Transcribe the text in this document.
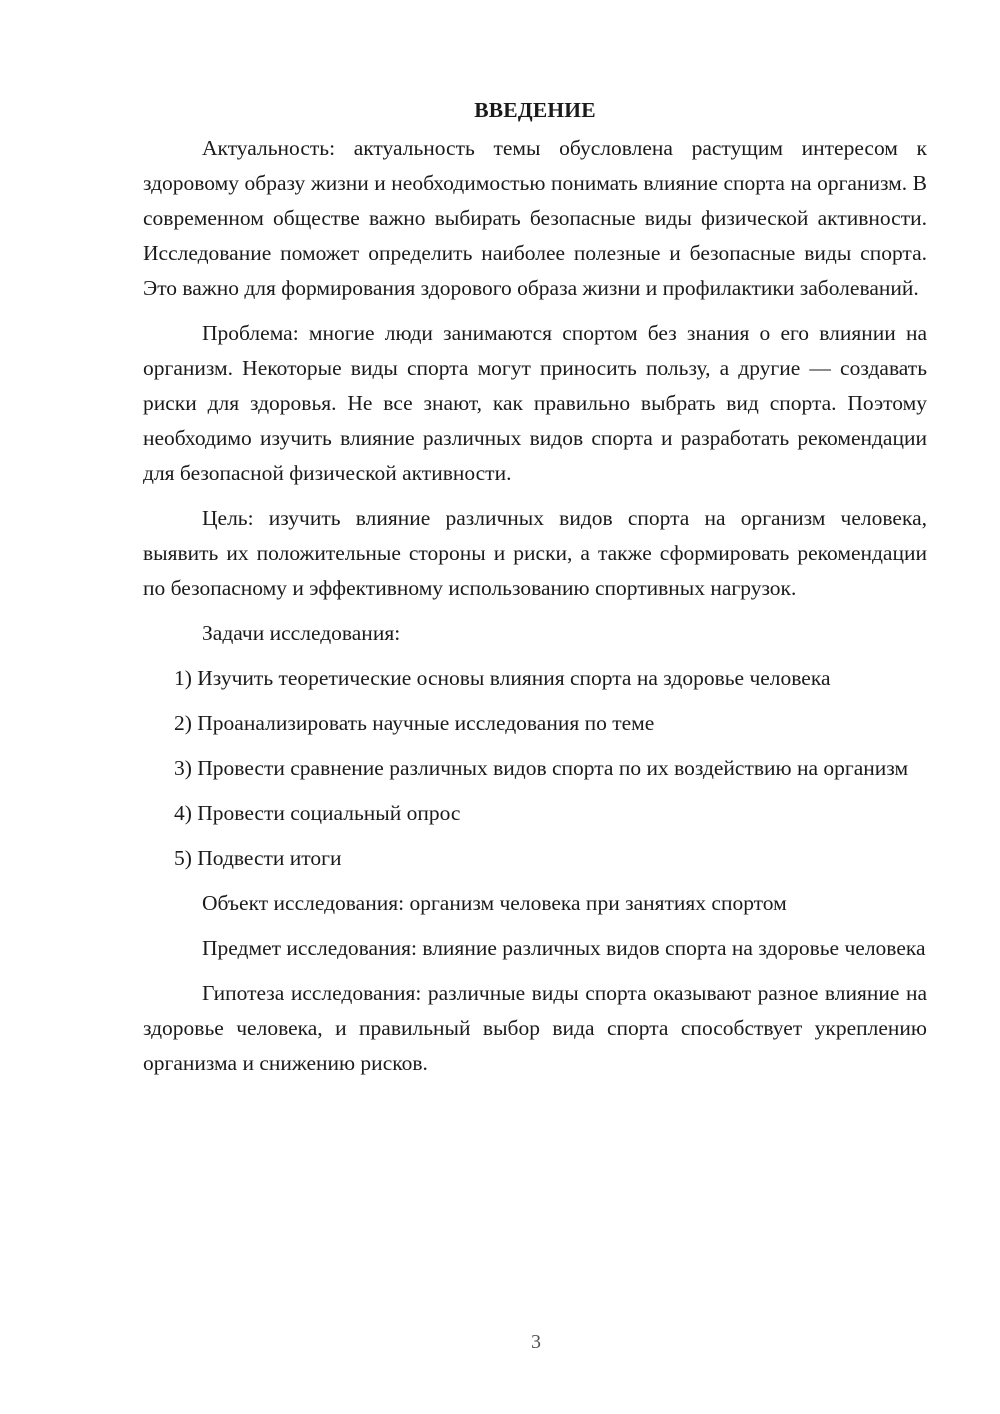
ВВЕДЕНИЕ

Актуальность: актуальность темы обусловлена растущим интересом к здоровому образу жизни и необходимостью понимать влияние спорта на организм. В современном обществе важно выбирать безопасные виды физической активности. Исследование поможет определить наиболее полезные и безопасные виды спорта. Это важно для формирования здорового образа жизни и профилактики заболеваний.

Проблема: многие люди занимаются спортом без знания о его влиянии на организм. Некоторые виды спорта могут приносить пользу, а другие — создавать риски для здоровья. Не все знают, как правильно выбрать вид спорта. Поэтому необходимо изучить влияние различных видов спорта и разработать рекомендации для безопасной физической активности.

Цель: изучить влияние различных видов спорта на организм человека, выявить их положительные стороны и риски, а также сформировать рекомендации по безопасному и эффективному использованию спортивных нагрузок.

Задачи исследования:

1) Изучить теоретические основы влияния спорта на здоровье человека

2) Проанализировать научные исследования по теме

3) Провести сравнение различных видов спорта по их воздействию на организм

4) Провести социальный опрос

5) Подвести итоги

Объект исследования: организм человека при занятиях спортом

Предмет исследования: влияние различных видов спорта на здоровье человека

Гипотеза исследования: различные виды спорта оказывают разное влияние на здоровье человека, и правильный выбор вида спорта способствует укреплению организма и снижению рисков.

3
